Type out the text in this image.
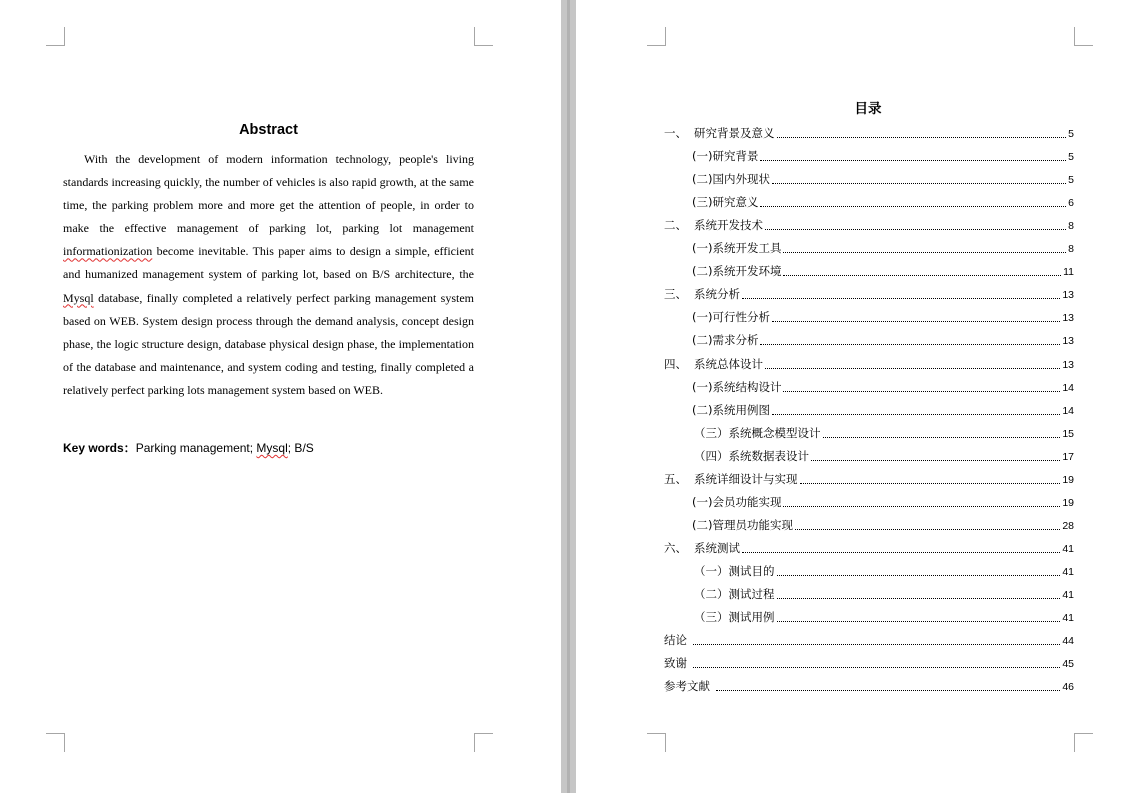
Abstract

With the development of modern information technology, people's living standards increasing quickly, the number of vehicles is also rapid growth, at the same time, the parking problem more and more get the attention of people, in order to make the effective management of parking lot, parking lot management informationization become inevitable. This paper aims to design a simple, efficient and humanized management system of parking lot, based on B/S architecture, the Mysql database, finally completed a relatively perfect parking management system based on WEB. System design process through the demand analysis, concept design phase, the logic structure design, database physical design phase, the implementation of the database and maintenance, and system coding and testing, finally completed a relatively perfect parking lots management system based on WEB.

Key words：Parking management; Mysql; B/S
目录
一、 研究背景及意义	5
(一)研究背景	5
(二)国内外现状	5
(三)研究意义	6
二、 系统开发技术	8
(一)系统开发工具	8
(二)系统开发环境	11
三、 系统分析	13
(一)可行性分析	13
(二)需求分析	13
四、 系统总体设计	13
(一)系统结构设计	14
(二)系统用例图	14
（三）系统概念模型设计	15
（四）系统数据表设计	17
五、 系统详细设计与实现	19
(一)会员功能实现	19
(二)管理员功能实现	28
六、 系统测试	41
（一）测试目的	41
（二）测试过程	41
（三）测试用例	41
结论	44
致谢	45
参考文献	46
